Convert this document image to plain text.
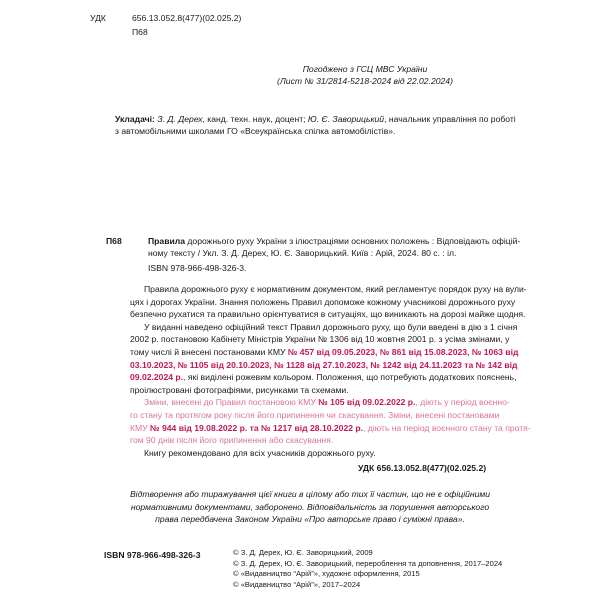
УДК	656.13.052.8(477)(02.025.2)
П68
Погоджено з ГСЦ МВС України
(Лист № 31/2814-5218-2024 від 22.02.2024)
Укладачі: З. Д. Дерех, канд. техн. наук, доцент; Ю. Є. Заворицький, начальник управління по роботі
з автомобільними школами ГО «Всеукраїнська спілка автомобілістів».
П68	Правила дорожнього руху України з ілюстраціями основних положень : Відповідають офіцій-
ному тексту / Укл. З. Д. Дерех, Ю. Є. Заворицький. Київ : Арій, 2024. 80 с. : іл.
ISBN 978-966-498-326-3.
Правила дорожнього руху є нормативним документом, який регламентує порядок руху на вули-
цях і дорогах України. Знання положень Правил допоможе кожному учасникові дорожнього руху
безпечно рухатися та правильно орієнтуватися в ситуаціях, що виникають на дорозі майже щодня.
У виданні наведено офіційний текст Правил дорожнього руху, що були введені в дію з 1 січня
2002 р. постановою Кабінету Міністрів України № 1306 від 10 жовтня 2001 р. з усіма змінами, у
тому числі й внесені постановами КМУ № 457 від 09.05.2023, № 861 від 15.08.2023, № 1063 від
03.10.2023, № 1105 від 20.10.2023, № 1128 від 27.10.2023, № 1242 від 24.11.2023 та № 142 від
09.02.2024 р., які виділені рожевим кольором. Положення, що потребують додаткових пояснень,
проілюстровані фотографіями, рисунками та схемами.
Зміни, внесені до Правил постановою КМУ № 105 від 09.02.2022 р., діють у період воєнно-
го стану та протягом року після його припинення чи скасування. Зміни, внесені постановами
КМУ № 944 від 19.08.2022 р. та № 1217 від 28.10.2022 р., діють на період воєнного стану та протя-
гом 90 днів після його припинення або скасування.
Книгу рекомендовано для всіх учасників дорожнього руху.
УДК 656.13.052.8(477)(02.025.2)
Відтворення або тиражування цієї книги в цілому або тих її частин, що не є офіційними
нормативними документами, заборонено. Відповідальність за порушення авторського
права передбачена Законом України «Про авторське право і суміжні права».
ISBN 978-966-498-326-3	© З. Д. Дерех, Ю. Є. Заворицький, 2009
© З. Д. Дерех, Ю. Є. Заворицький, перероблення та доповнення, 2017–2024
© «Видавництво “Арій”», художнє оформлення, 2015
© «Видавництво “Арій”», 2017–2024
